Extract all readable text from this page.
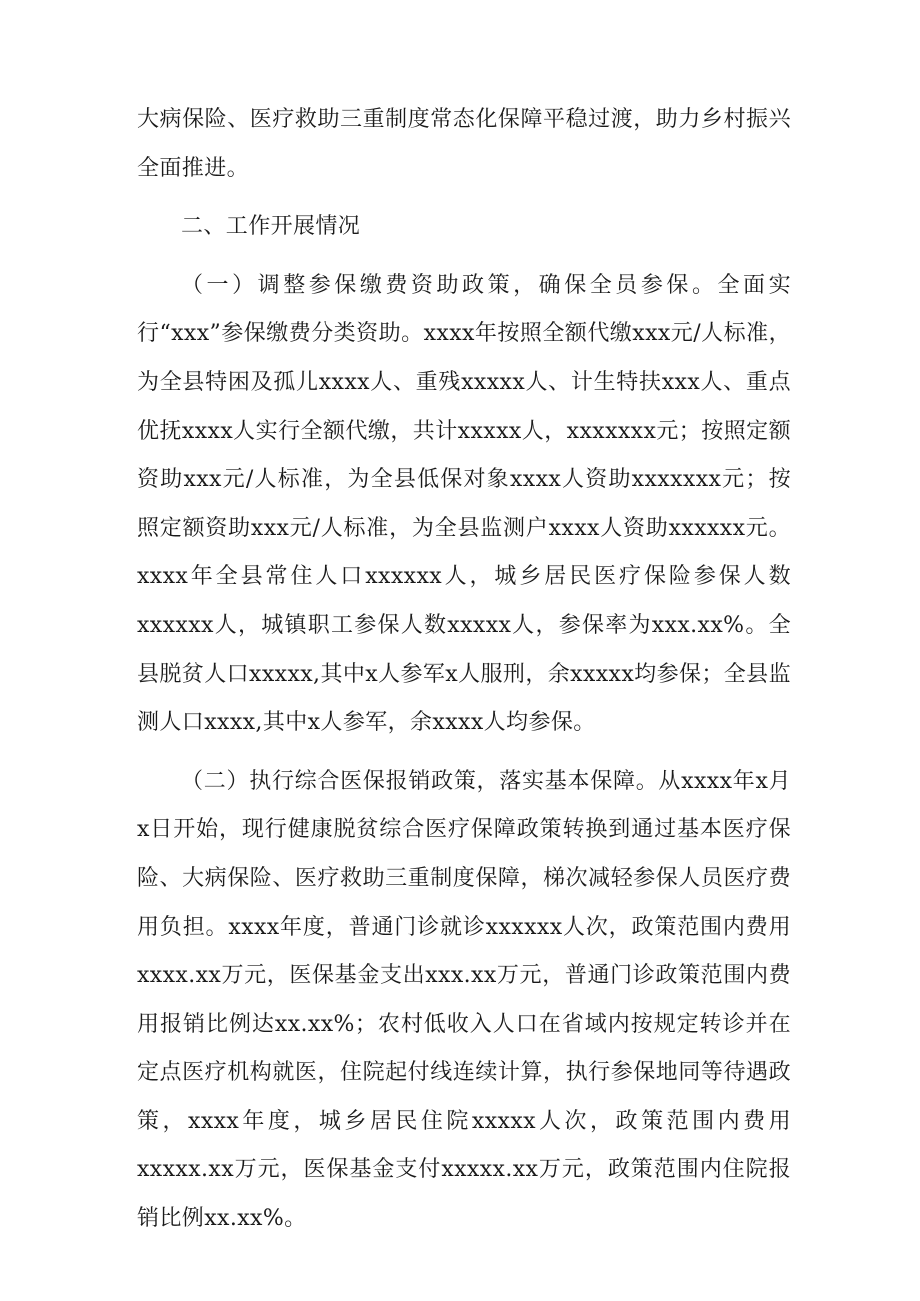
大病保险、医疗救助三重制度常态化保障平稳过渡，助力乡村振兴全面推进。

二、工作开展情况

（一）调整参保缴费资助政策，确保全员参保。全面实行“xxx”参保缴费分类资助。xxxx年按照全额代缴xxx元/人标准，为全县特困及孤儿xxxx人、重残xxxxx人、计生特扶xxx人、重点优抚xxxx人实行全额代缴，共计xxxxx人，xxxxxxx元；按照定额资助xxx元/人标准，为全县低保对象xxxx人资助xxxxxxx元；按照定额资助xxx元/人标准，为全县监测户xxxx人资助xxxxxx元。xxxx年全县常住人口xxxxxx人，城乡居民医疗保险参保人数xxxxxx人，城镇职工参保人数xxxxx人，参保率为xxx.xx%。全县脱贫人口xxxxx,其中x人参军x人服刑，余xxxxx均参保；全县监测人口xxxx,其中x人参军，余xxxx人均参保。

（二）执行综合医保报销政策，落实基本保障。从xxxx年x月x日开始，现行健康脱贫综合医疗保障政策转换到通过基本医疗保险、大病保险、医疗救助三重制度保障，梯次减轻参保人员医疗费用负担。xxxx年度，普通门诊就诊xxxxxx人次，政策范围内费用xxxx.xx万元，医保基金支出xxx.xx万元，普通门诊政策范围内费用报销比例达xx.xx%；农村低收入人口在省域内按规定转诊并在定点医疗机构就医，住院起付线连续计算，执行参保地同等待遇政策，xxxx年度，城乡居民住院xxxxx人次，政策范围内费用xxxxx.xx万元，医保基金支付xxxxx.xx万元，政策范围内住院报销比例xx.xx%。
